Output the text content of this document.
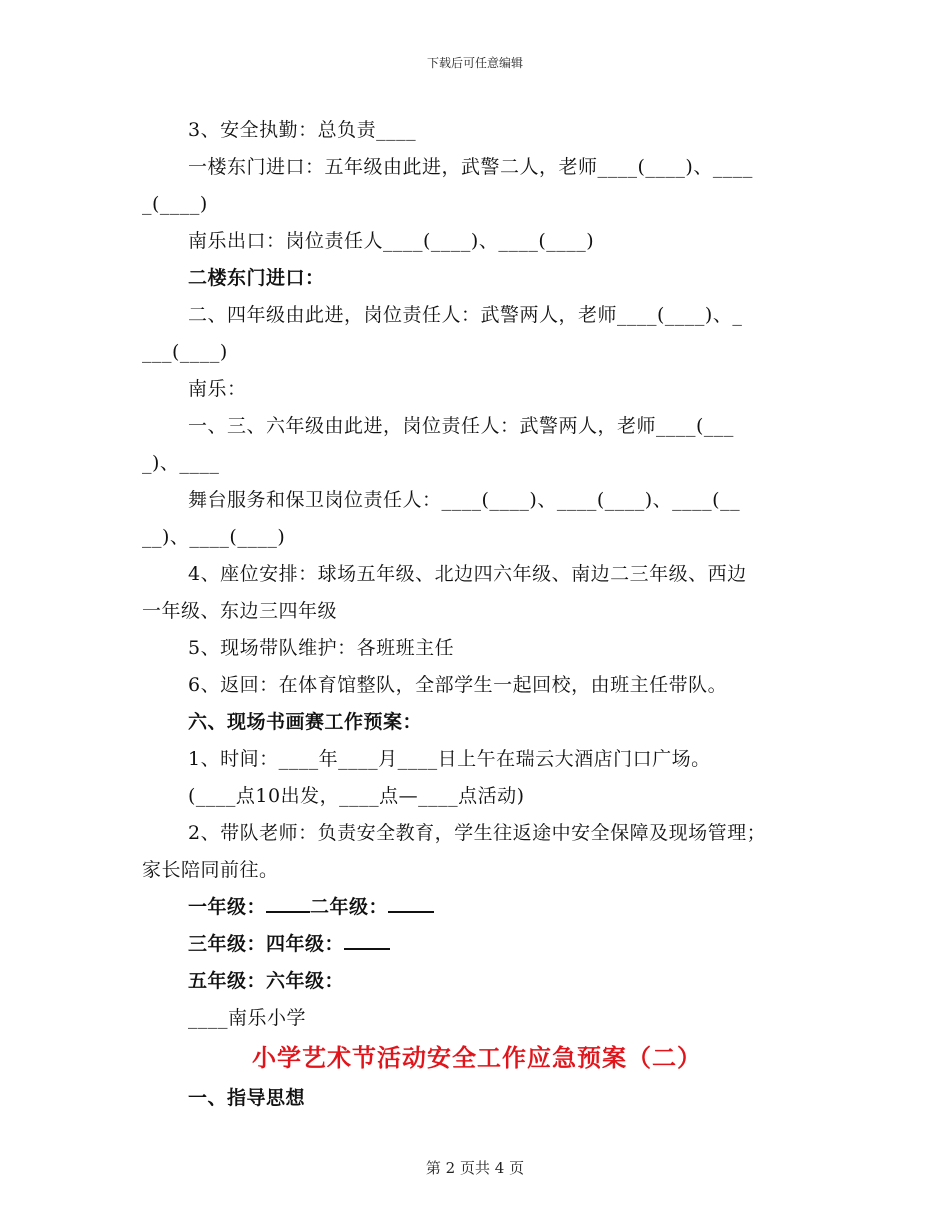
下载后可任意编辑
3、安全执勤：总负责____
一楼东门进口：五年级由此进，武警二人，老师____(____)、____
_(____)
南乐出口：岗位责任人____(____)、____(____)
二楼东门进口：
二、四年级由此进，岗位责任人：武警两人，老师____(____)、_
___(____)
南乐：
一、三、六年级由此进，岗位责任人：武警两人，老师____(___
_)、____
舞台服务和保卫岗位责任人：____(____)、____(____)、____(__
__)、____(____)
4、座位安排：球场五年级、北边四六年级、南边二三年级、西边
一年级、东边三四年级
5、现场带队维护：各班班主任
6、返回：在体育馆整队，全部学生一起回校，由班主任带队。
六、现场书画赛工作预案：
1、时间：____年____月____日上午在瑞云大酒店门口广场。
(____点10出发，____点—____点活动)
2、带队老师：负责安全教育，学生往返途中安全保障及现场管理；
家长陪同前往。
一年级： 二年级：
三年级：四年级：
五年级：六年级：
____南乐小学
小学艺术节活动安全工作应急预案（二）
一、指导思想
第 2 页共 4 页
